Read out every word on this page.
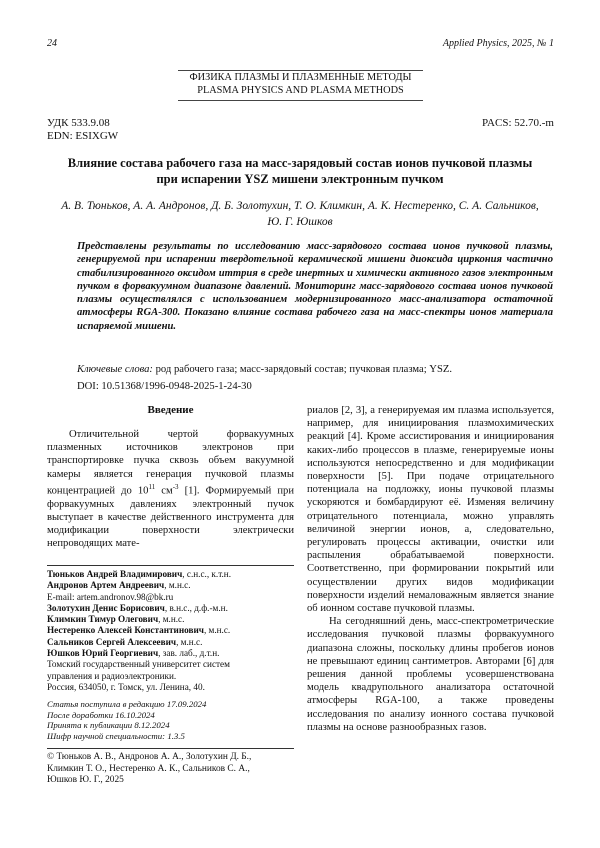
24	Applied Physics, 2025, № 1
ФИЗИКА ПЛАЗМЫ И ПЛАЗМЕННЫЕ МЕТОДЫ
PLASMA PHYSICS AND PLASMA METHODS
УДК 533.9.08
EDN: ESIXGW
PACS: 52.70.-m
Влияние состава рабочего газа на масс-зарядовый состав ионов пучковой плазмы при испарении YSZ мишени электронным пучком
А. В. Тюньков, А. А. Андронов, Д. Б. Золотухин, Т. О. Климкин, А. К. Нестеренко, С. А. Сальников, Ю. Г. Юшков
Представлены результаты по исследованию масс-зарядового состава ионов пучковой плазмы, генерируемой при испарении твердотельной керамической мишени диоксида циркония частично стабилизированного оксидом иттрия в среде инертных и химически активного газов электронным пучком в форвакуумном диапазоне давлений. Мониторинг масс-зарядового состава ионов пучковой плазмы осуществлялся с использованием модернизированного масс-анализатора остаточной атмосферы RGA-300. Показано влияние состава рабочего газа на масс-спектры ионов материала испаряемой мишени.
Ключевые слова: род рабочего газа; масс-зарядовый состав; пучковая плазма; YSZ.
DOI: 10.51368/1996-0948-2025-1-24-30
Введение

Отличительной чертой форвакуумных плазменных источников электронов при транспортировке пучка сквозь объем вакуумной камеры является генерация пучковой плазмы концентрацией до $10^{11}$ $см^{-3}$ [1]. Формируемый при форвакуумных давлениях электронный пучок выступает в качестве действенного инструмента для модификации поверхности электрически непроводящих мате-

Тюньков Андрей Владимирович, с.н.с., к.т.н.
Андронов Артем Андреевич, м.н.с.
E-mail: artem.andronov.98@bk.ru
Золотухин Денис Борисович, в.н.с., д.ф.-м.н.
Климкин Тимур Олегович, м.н.с.
Нестеренко Алексей Константинович, м.н.с.
Сальников Сергей Алексеевич, м.н.с.
Юшков Юрий Георгиевич, зав. лаб., д.т.н.
Томский государственный университет систем
управления и радиоэлектроники.
Россия, 634050, г. Томск, ул. Ленина, 40.
Статья поступила в редакцию 17.09.2024
После доработки 16.10.2024
Принята к публикации 8.12.2024
Шифр научной специальности: 1.3.5
© Тюньков А. В., Андронов А. А., Золотухин Д. Б.,
Климкин Т. О., Нестеренко А. К., Сальников С. А.,
Юшков Ю. Г., 2025

риалов [2, 3], а генерируемая им плазма используется, например, для инициирования плазмохимических реакций [4]. Кроме ассистирования и инициирования каких-либо процессов в плазме, генерируемые ионы используются непосредственно и для модификации поверхности [5]. При подаче отрицательного потенциала на подложку, ионы пучковой плазмы ускоряются и бомбардируют её. Изменяя величину отрицательного потенциала, можно управлять величиной энергии ионов, а, следовательно, регулировать процессы активации, очистки или распыления обрабатываемой поверхности. Соответственно, при формировании покрытий или осуществлении других видов модификации поверхности изделий немаловажным является знание об ионном составе пучковой плазмы.

На сегодняшний день, масс-спектрометрические исследования пучковой плазмы форвакуумного диапазона сложны, поскольку длины пробегов ионов не превышают единиц сантиметров. Авторами [6] для решения данной проблемы усовершенствована модель квадрупольного анализатора остаточной атмосферы RGA-100, а также проведены исследования по анализу ионного состава пучковой плазмы на основе разнообразных газов.
